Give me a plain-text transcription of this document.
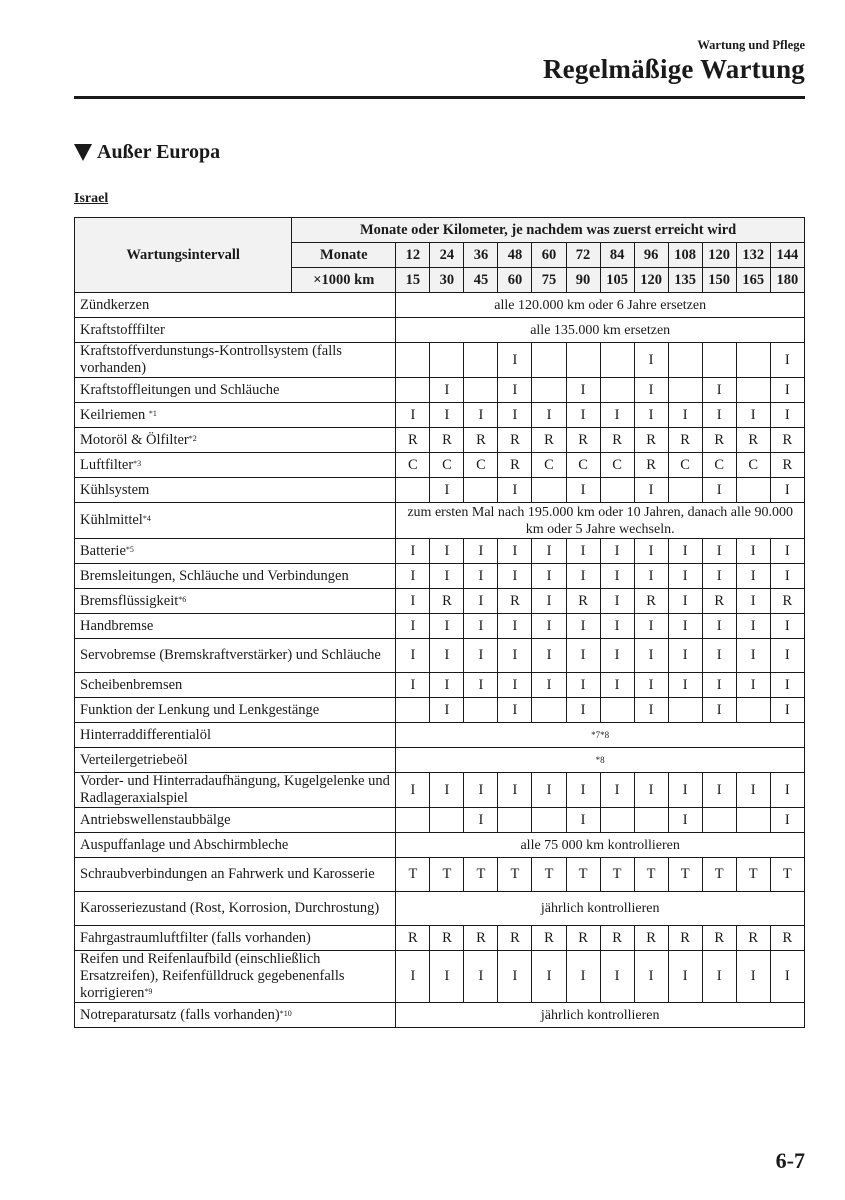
Wartung und Pflege
Regelmäßige Wartung
Außer Europa
Israel
Wartungsintervall	Monate oder Kilometer, je nachdem was zuerst erreicht wird												
	Monate	12	24	36	48	60	72	84	96	108	120	132	144
	×1000 km	15	30	45	60	75	90	105	120	135	150	165	180
Zündkerzen		alle 120.000 km oder 6 Jahre ersetzen											
Kraftstofffilter		alle 135.000 km ersetzen											
Kraftstoffverdunstungs-Kontrollsystem (falls vorhanden)					I				I				I
Kraftstoffleitungen und Schläuche			I		I		I		I		I		I
Keilriemen $^{*1}$		I	I	I	I	I	I	I	I	I	I	I	I
Motoröl & Ölfilter$^{*2}$		R	R	R	R	R	R	R	R	R	R	R	R
Luftfilter$^{*3}$		C	C	C	R	C	C	C	R	C	C	C	R
Kühlsystem			I		I		I		I		I		I
Kühlmittel$^{*4}$		zum ersten Mal nach 195.000 km oder 10 Jahren, danach alle 90.000 km oder 5 Jahre wechseln.											
Batterie$^{*5}$		I	I	I	I	I	I	I	I	I	I	I	I
Bremsleitungen, Schläuche und Verbindungen		I	I	I	I	I	I	I	I	I	I	I	I
Bremsflüssigkeit$^{*6}$		I	R	I	R	I	R	I	R	I	R	I	R
Handbremse		I	I	I	I	I	I	I	I	I	I	I	I
Servobremse (Bremskraftverstärker) und Schläuche		I	I	I	I	I	I	I	I	I	I	I	I
Scheibenbremsen		I	I	I	I	I	I	I	I	I	I	I	I
Funktion der Lenkung und Lenkgestänge			I		I		I		I		I		I
Hinterraddifferentialöl		*7*8											
Verteilergetriebeöl		*8											
Vorder- und Hinterradaufhängung, Kugelgelenke und Radlageraxialspiel		I	I	I	I	I	I	I	I	I	I	I	I
Antriebswellenstaubbälge				I			I			I			I
Auspuffanlage und Abschirmbleche		alle 75 000 km kontrollieren											
Schraubverbindungen an Fahrwerk und Karosserie		T	T	T	T	T	T	T	T	T	T	T	T
Karosseriezustand (Rost, Korrosion, Durchrostung)		jährlich kontrollieren											
Fahrgastraumluftfilter (falls vorhanden)		R	R	R	R	R	R	R	R	R	R	R	R
Reifen und Reifenlaufbild (einschließlich Ersatzreifen), Reifenfülldruck gegebenenfalls korrigieren$^{*9}$		I	I	I	I	I	I	I	I	I	I	I	I
Notreparatursatz (falls vorhanden)$^{*10}$		jährlich kontrollieren											
6-7
